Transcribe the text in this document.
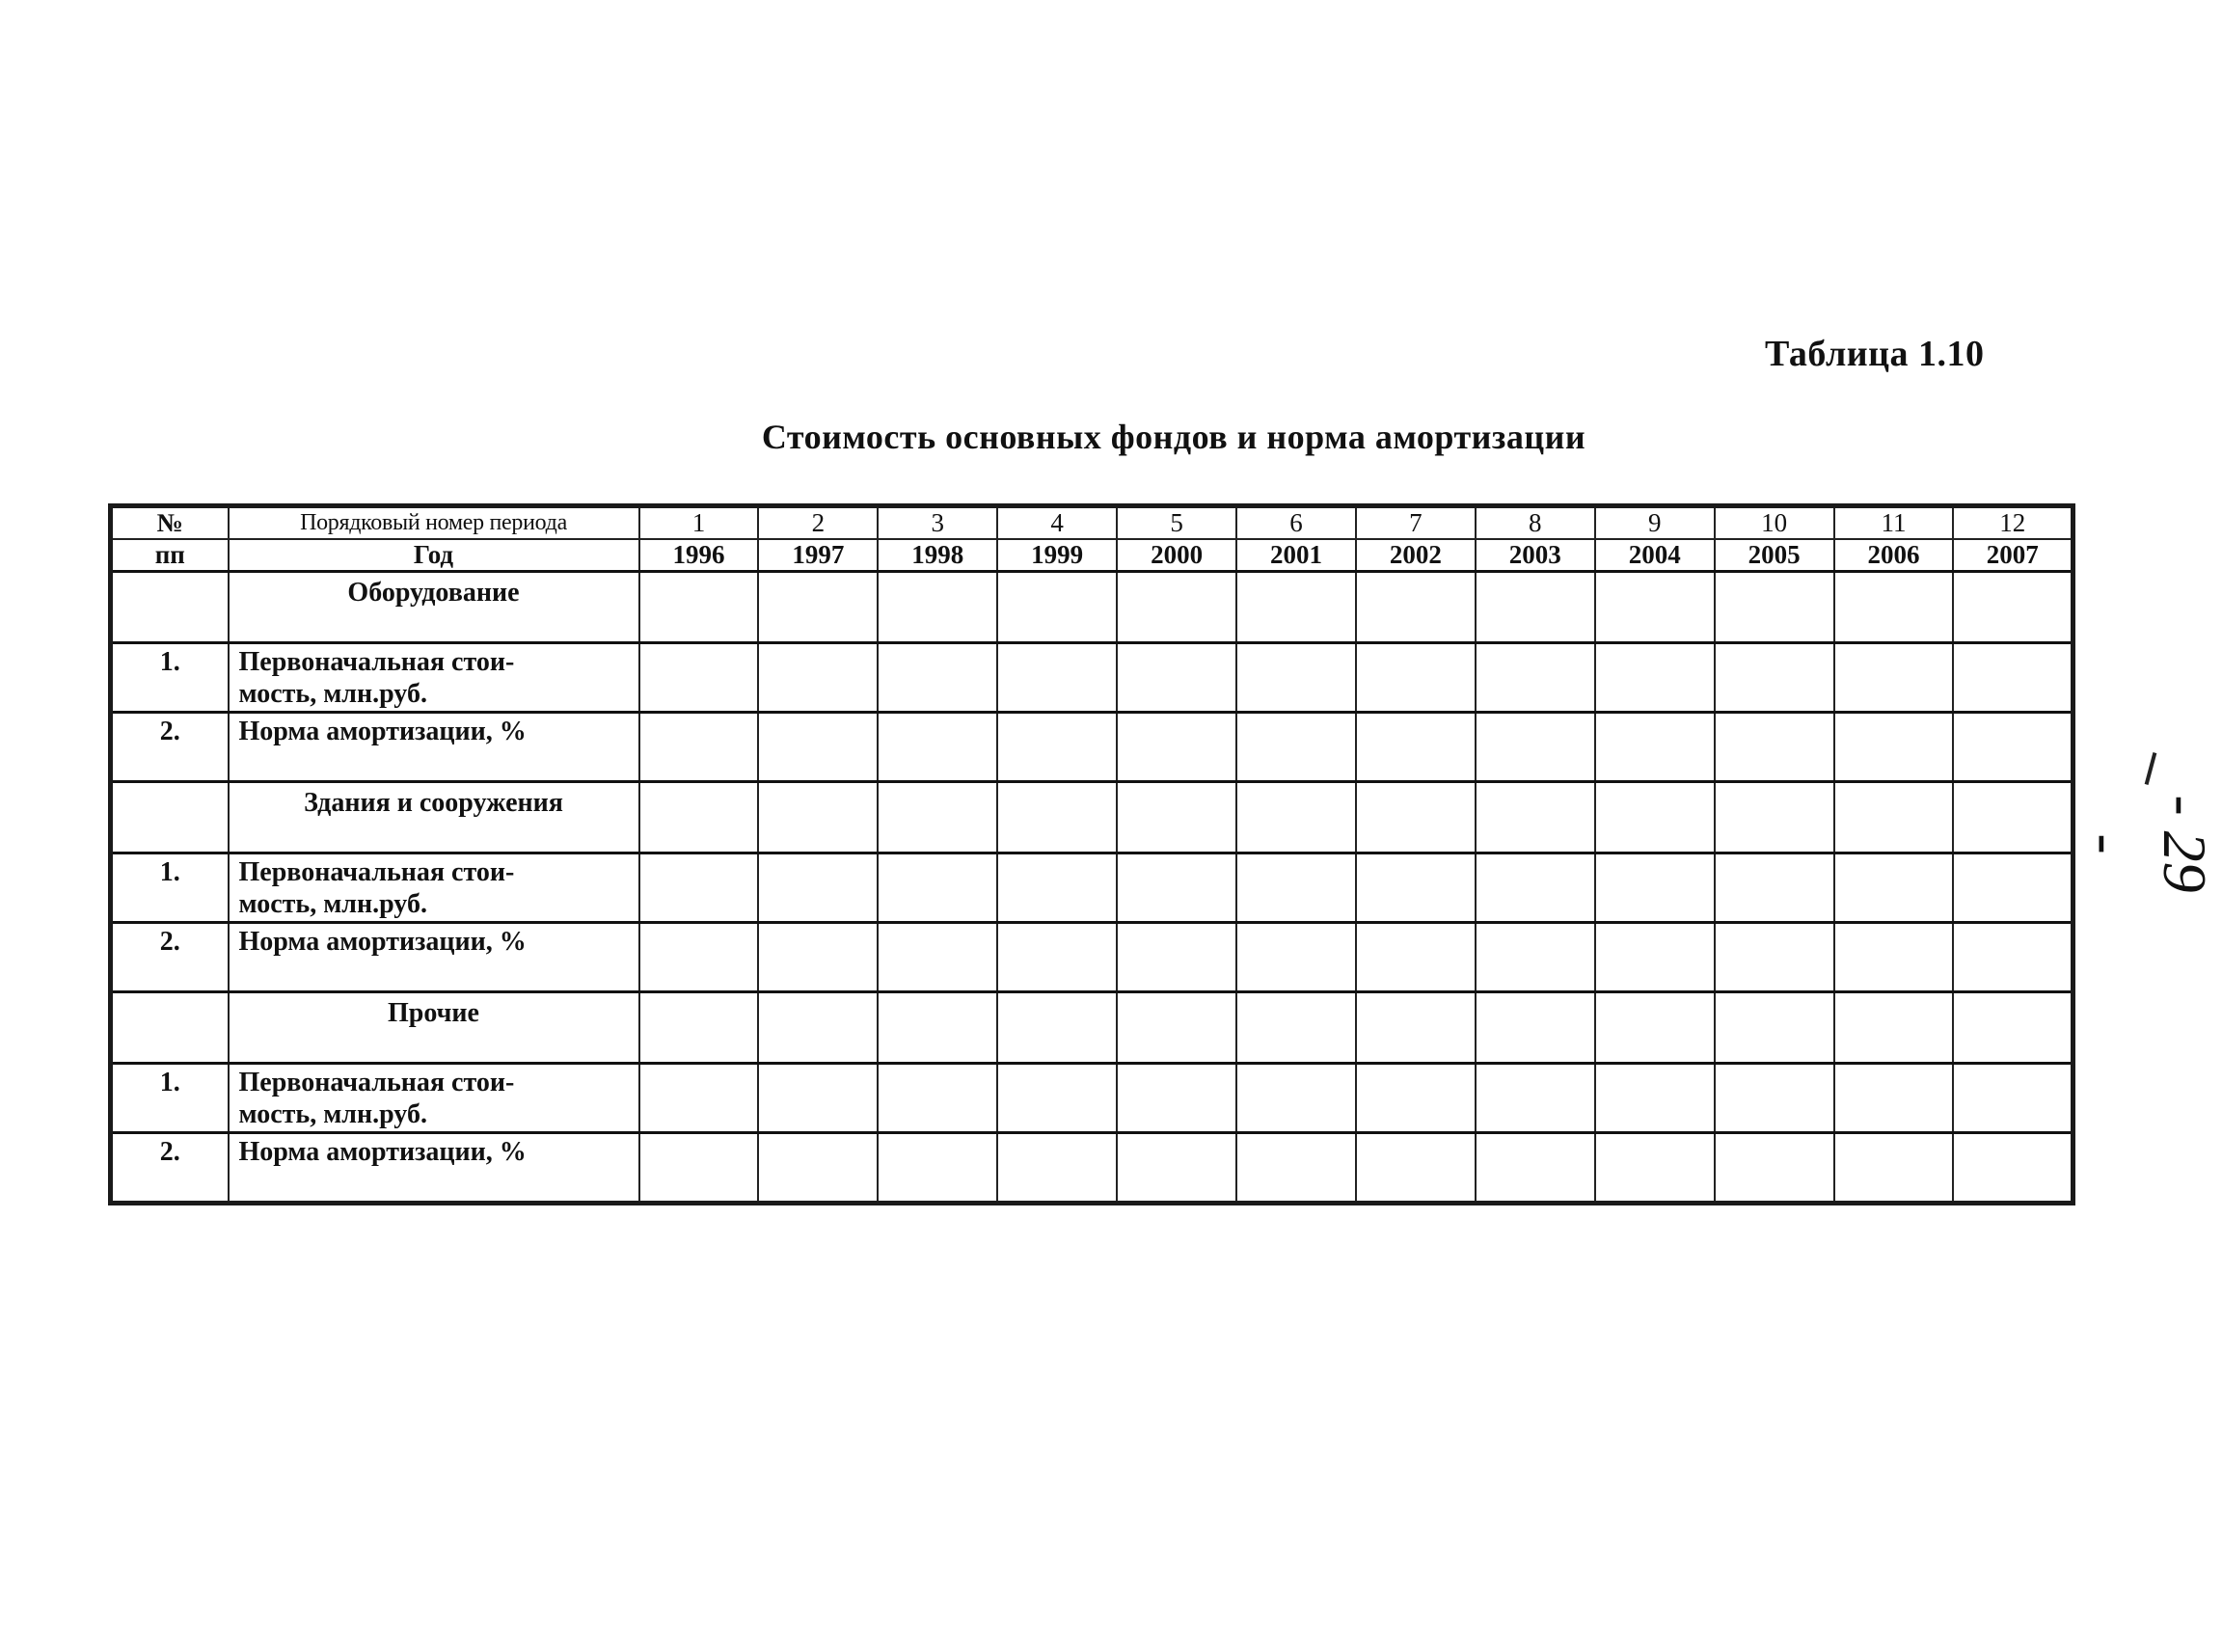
Таблица 1.10
Стоимость основных фондов и норма амортизации
- 29 -
№	Порядковый номер периода	1	2	3	4	5	6	7	8	9	10	11	12
пп	Год	1996	1997	1998	1999	2000	2001	2002	2003	2004	2005	2006	2007
	Оборудование												
1.	Первоначальная стои-
мость, млн.руб.												

2.	Норма амортизации, %												

	Здания и сооружения												
1.	Первоначальная стои-
мость, млн.руб.												

2.	Норма амортизации, %												

	Прочие												
1.	Первоначальная стои-
мость, млн.руб.												

2.	Норма амортизации, %												
